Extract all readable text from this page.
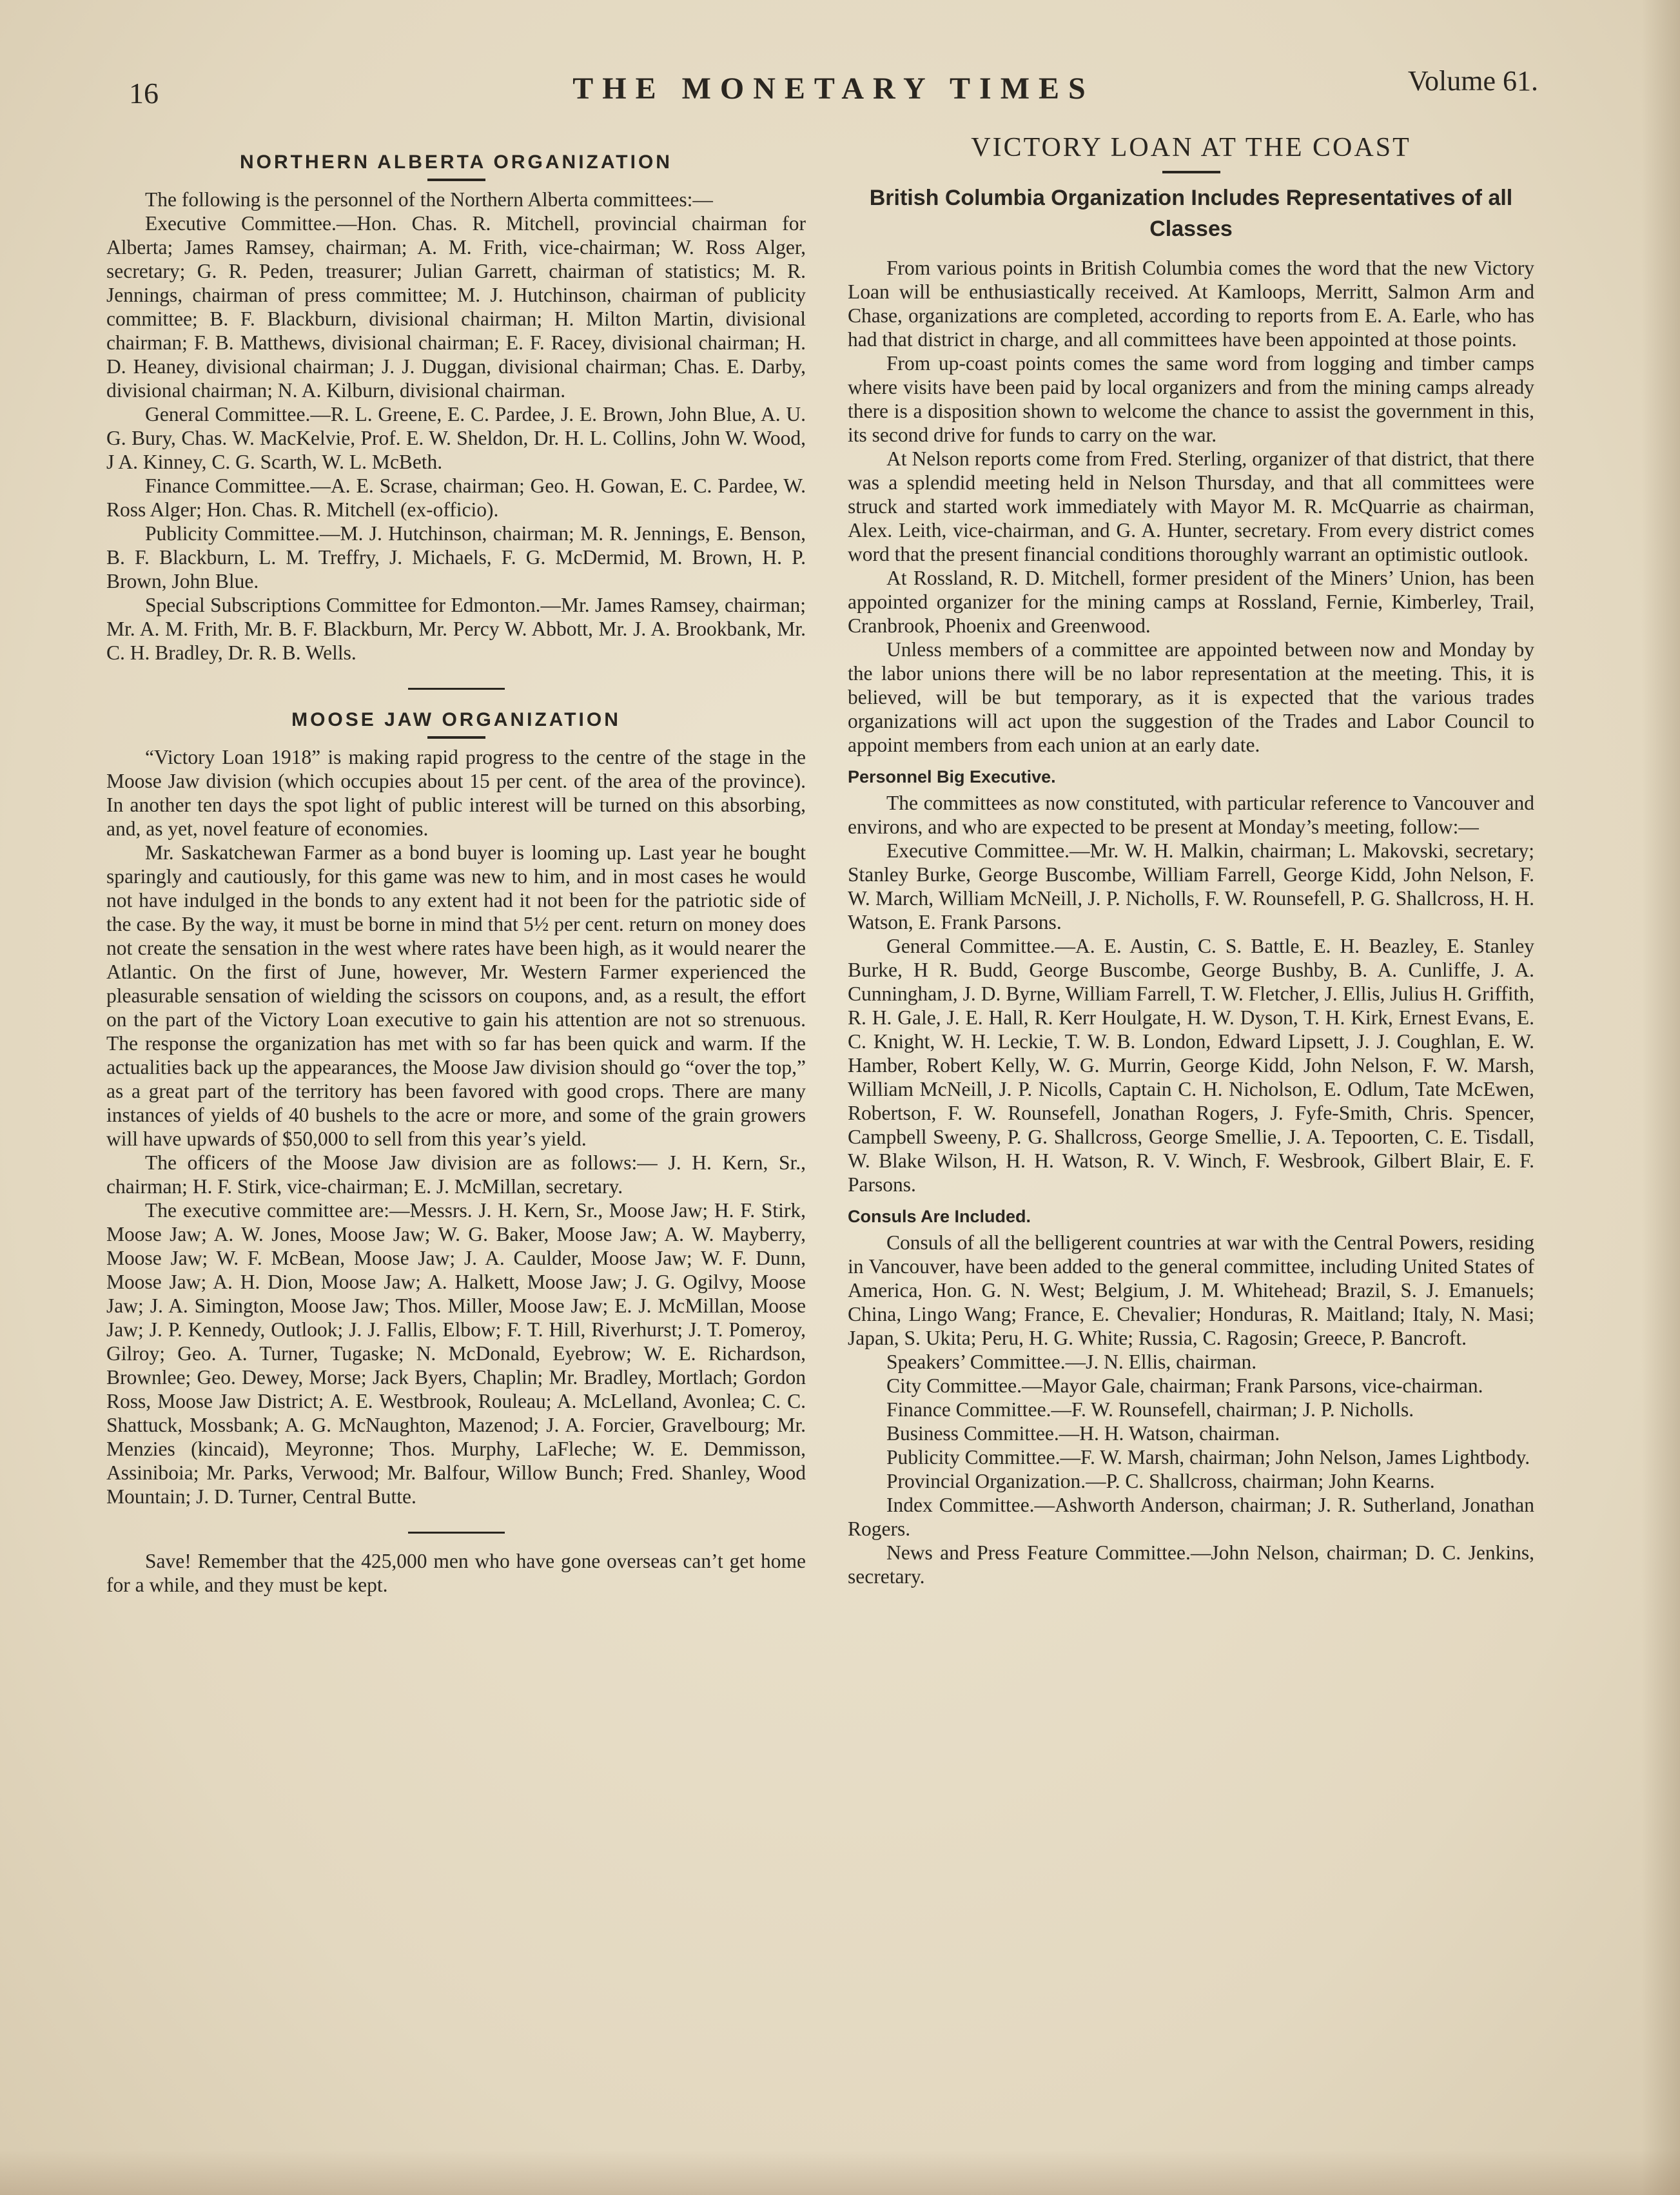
16	THE MONETARY TIMES	Volume 61.
NORTHERN ALBERTA ORGANIZATION

The following is the personnel of the Northern Alberta committees:—

Executive Committee.—Hon. Chas. R. Mitchell, provincial chairman for Alberta; James Ramsey, chairman; A. M. Frith, vice-chairman; W. Ross Alger, secretary; G. R. Peden, treasurer; Julian Garrett, chairman of statistics; M. R. Jennings, chairman of press committee; M. J. Hutchinson, chairman of publicity committee; B. F. Blackburn, divisional chairman; H. Milton Martin, divisional chairman; F. B. Matthews, divisional chairman; E. F. Racey, divisional chairman; H. D. Heaney, divisional chairman; J. J. Duggan, divisional chairman; Chas. E. Darby, divisional chairman; N. A. Kilburn, divisional chairman.

General Committee.—R. L. Greene, E. C. Pardee, J. E. Brown, John Blue, A. U. G. Bury, Chas. W. MacKelvie, Prof. E. W. Sheldon, Dr. H. L. Collins, John W. Wood, J A. Kinney, C. G. Scarth, W. L. McBeth.

Finance Committee.—A. E. Scrase, chairman; Geo. H. Gowan, E. C. Pardee, W. Ross Alger; Hon. Chas. R. Mitchell (ex-officio).

Publicity Committee.—M. J. Hutchinson, chairman; M. R. Jennings, E. Benson, B. F. Blackburn, L. M. Treffry, J. Michaels, F. G. McDermid, M. Brown, H. P. Brown, John Blue.

Special Subscriptions Committee for Edmonton.—Mr. James Ramsey, chairman; Mr. A. M. Frith, Mr. B. F. Blackburn, Mr. Percy W. Abbott, Mr. J. A. Brookbank, Mr. C. H. Bradley, Dr. R. B. Wells.

MOOSE JAW ORGANIZATION

“Victory Loan 1918” is making rapid progress to the centre of the stage in the Moose Jaw division (which occupies about 15 per cent. of the area of the province). In another ten days the spot light of public interest will be turned on this absorbing, and, as yet, novel feature of economies.

Mr. Saskatchewan Farmer as a bond buyer is looming up. Last year he bought sparingly and cautiously, for this game was new to him, and in most cases he would not have indulged in the bonds to any extent had it not been for the patriotic side of the case. By the way, it must be borne in mind that 5½ per cent. return on money does not create the sensation in the west where rates have been high, as it would nearer the Atlantic. On the first of June, however, Mr. Western Farmer experienced the pleasurable sensation of wielding the scissors on coupons, and, as a result, the effort on the part of the Victory Loan executive to gain his attention are not so strenuous. The response the organization has met with so far has been quick and warm. If the actualities back up the appearances, the Moose Jaw division should go “over the top,” as a great part of the territory has been favored with good crops. There are many instances of yields of 40 bushels to the acre or more, and some of the grain growers will have upwards of $50,000 to sell from this year’s yield.

The officers of the Moose Jaw division are as follows:— J. H. Kern, Sr., chairman; H. F. Stirk, vice-chairman; E. J. McMillan, secretary.

The executive committee are:—Messrs. J. H. Kern, Sr., Moose Jaw; H. F. Stirk, Moose Jaw; A. W. Jones, Moose Jaw; W. G. Baker, Moose Jaw; A. W. Mayberry, Moose Jaw; W. F. McBean, Moose Jaw; J. A. Caulder, Moose Jaw; W. F. Dunn, Moose Jaw; A. H. Dion, Moose Jaw; A. Halkett, Moose Jaw; J. G. Ogilvy, Moose Jaw; J. A. Simington, Moose Jaw; Thos. Miller, Moose Jaw; E. J. McMillan, Moose Jaw; J. P. Kennedy, Outlook; J. J. Fallis, Elbow; F. T. Hill, Riverhurst; J. T. Pomeroy, Gilroy; Geo. A. Turner, Tugaske; N. McDonald, Eyebrow; W. E. Richardson, Brownlee; Geo. Dewey, Morse; Jack Byers, Chaplin; Mr. Bradley, Mortlach; Gordon Ross, Moose Jaw District; A. E. Westbrook, Rouleau; A. McLelland, Avonlea; C. C. Shattuck, Mossbank; A. G. McNaughton, Mazenod; J. A. Forcier, Gravelbourg; Mr. Menzies (kincaid), Meyronne; Thos. Murphy, LaFleche; W. E. Demmisson, Assiniboia; Mr. Parks, Verwood; Mr. Balfour, Willow Bunch; Fred. Shanley, Wood Mountain; J. D. Turner, Central Butte.

Save! Remember that the 425,000 men who have gone overseas can’t get home for a while, and they must be kept.

VICTORY LOAN AT THE COAST
British Columbia Organization Includes Representatives of all Classes

From various points in British Columbia comes the word that the new Victory Loan will be enthusiastically received. At Kamloops, Merritt, Salmon Arm and Chase, organizations are completed, according to reports from E. A. Earle, who has had that district in charge, and all committees have been appointed at those points.

From up-coast points comes the same word from logging and timber camps where visits have been paid by local organizers and from the mining camps already there is a disposition shown to welcome the chance to assist the government in this, its second drive for funds to carry on the war.

At Nelson reports come from Fred. Sterling, organizer of that district, that there was a splendid meeting held in Nelson Thursday, and that all committees were struck and started work immediately with Mayor M. R. McQuarrie as chairman, Alex. Leith, vice-chairman, and G. A. Hunter, secretary. From every district comes word that the present financial conditions thoroughly warrant an optimistic outlook.

At Rossland, R. D. Mitchell, former president of the Miners’ Union, has been appointed organizer for the mining camps at Rossland, Fernie, Kimberley, Trail, Cranbrook, Phoenix and Greenwood.

Unless members of a committee are appointed between now and Monday by the labor unions there will be no labor representation at the meeting. This, it is believed, will be but temporary, as it is expected that the various trades organizations will act upon the suggestion of the Trades and Labor Council to appoint members from each union at an early date.

Personnel Big Executive.

The committees as now constituted, with particular reference to Vancouver and environs, and who are expected to be present at Monday’s meeting, follow:—

Executive Committee.—Mr. W. H. Malkin, chairman; L. Makovski, secretary; Stanley Burke, George Buscombe, William Farrell, George Kidd, John Nelson, F. W. March, William McNeill, J. P. Nicholls, F. W. Rounsefell, P. G. Shallcross, H. H. Watson, E. Frank Parsons.

General Committee.—A. E. Austin, C. S. Battle, E. H. Beazley, E. Stanley Burke, H R. Budd, George Buscombe, George Bushby, B. A. Cunliffe, J. A. Cunningham, J. D. Byrne, William Farrell, T. W. Fletcher, J. Ellis, Julius H. Griffith, R. H. Gale, J. E. Hall, R. Kerr Houlgate, H. W. Dyson, T. H. Kirk, Ernest Evans, E. C. Knight, W. H. Leckie, T. W. B. London, Edward Lipsett, J. J. Coughlan, E. W. Hamber, Robert Kelly, W. G. Murrin, George Kidd, John Nelson, F. W. Marsh, William McNeill, J. P. Nicolls, Captain C. H. Nicholson, E. Odlum, Tate McEwen, Robertson, F. W. Rounsefell, Jonathan Rogers, J. Fyfe-Smith, Chris. Spencer, Campbell Sweeny, P. G. Shallcross, George Smellie, J. A. Tepoorten, C. E. Tisdall, W. Blake Wilson, H. H. Watson, R. V. Winch, F. Wesbrook, Gilbert Blair, E. F. Parsons.

Consuls Are Included.

Consuls of all the belligerent countries at war with the Central Powers, residing in Vancouver, have been added to the general committee, including United States of America, Hon. G. N. West; Belgium, J. M. Whitehead; Brazil, S. J. Emanuels; China, Lingo Wang; France, E. Chevalier; Honduras, R. Maitland; Italy, N. Masi; Japan, S. Ukita; Peru, H. G. White; Russia, C. Ragosin; Greece, P. Bancroft.

Speakers’ Committee.—J. N. Ellis, chairman.

City Committee.—Mayor Gale, chairman; Frank Parsons, vice-chairman.

Finance Committee.—F. W. Rounsefell, chairman; J. P. Nicholls.

Business Committee.—H. H. Watson, chairman.

Publicity Committee.—F. W. Marsh, chairman; John Nelson, James Lightbody.

Provincial Organization.—P. C. Shallcross, chairman; John Kearns.

Index Committee.—Ashworth Anderson, chairman; J. R. Sutherland, Jonathan Rogers.

News and Press Feature Committee.—John Nelson, chairman; D. C. Jenkins, secretary.
